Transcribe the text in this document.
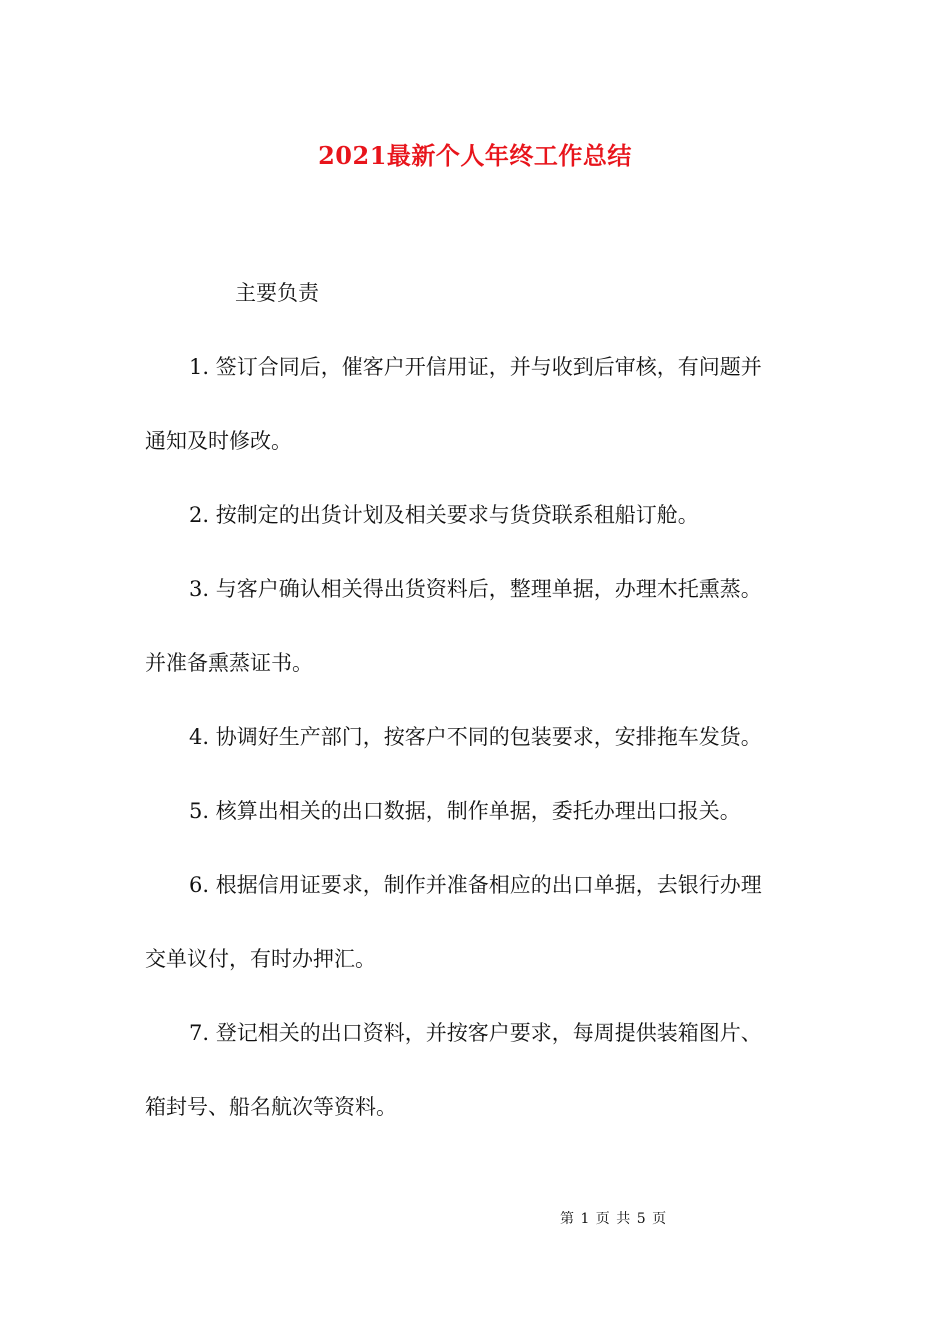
2021最新个人年终工作总结
主要负责
1. 签订合同后，催客户开信用证，并与收到后审核，有问题并
通知及时修改。
2. 按制定的出货计划及相关要求与货贷联系租船订舱。
3. 与客户确认相关得出货资料后，整理单据，办理木托熏蒸。
并准备熏蒸证书。
4. 协调好生产部门，按客户不同的包装要求，安排拖车发货。
5. 核算出相关的出口数据，制作单据，委托办理出口报关。
6. 根据信用证要求，制作并准备相应的出口单据，去银行办理
交单议付，有时办押汇。
7. 登记相关的出口资料，并按客户要求，每周提供装箱图片、
箱封号、船名航次等资料。
第 1 页 共 5 页
